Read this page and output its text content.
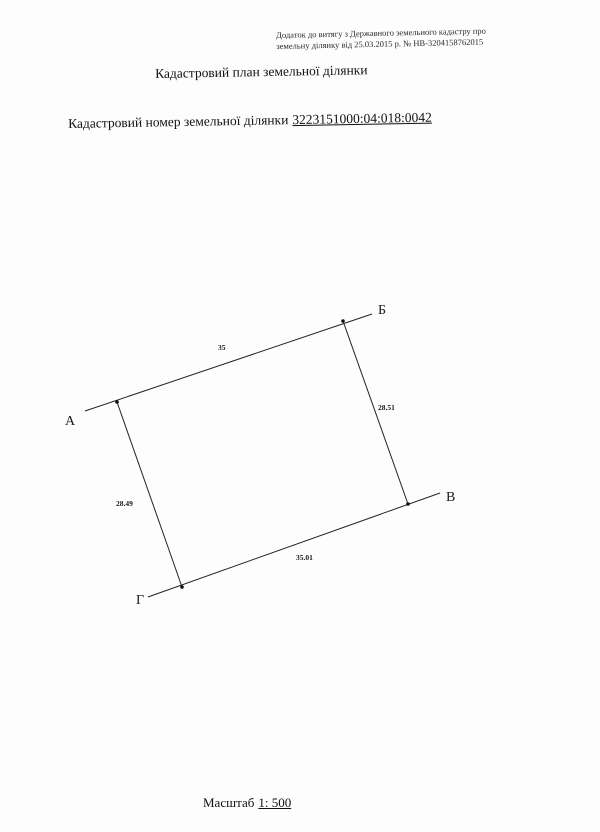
Додаток до витягу з Державного земельного кадастру про
земельну ділянку від 25.03.2015 р. № НВ-3204158762015
Кадастровий план земельної ділянки
Кадастровий номер земельної ділянки 3223151000:04:018:0042
А
Б
В
Г
35
28.51
28.49
35.01
Масштаб 1: 500
